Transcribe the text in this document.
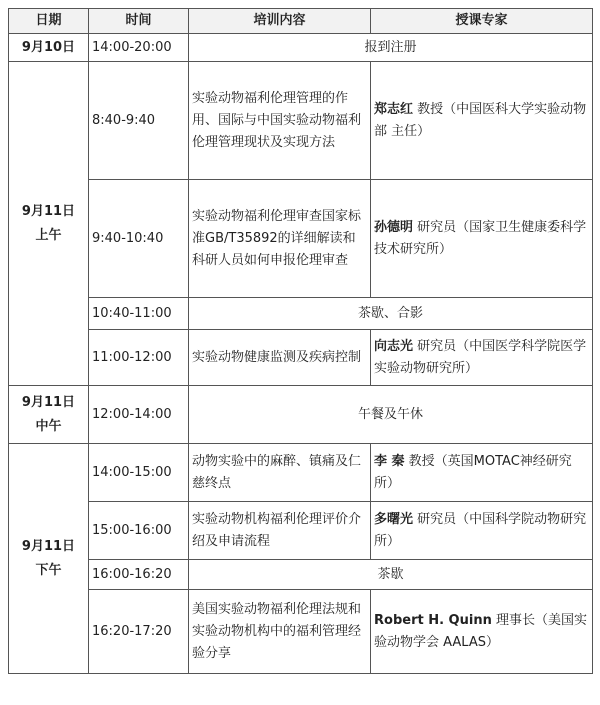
日期	时间	培训内容	授课专家
9月10日	14:00-20:00	报到注册	

9月11日
上午	8:40-9:40	实验动物福利伦理管理的作用、国际与中国实验动物福利伦理管理现状及实现方法	郑志红 教授（中国医科大学实验动物部 主任）
	9:40-10:40	实验动物福利伦理审查国家标准GB/T35892的详细解读和科研人员如何申报伦理审查	孙德明 研究员（国家卫生健康委科学技术研究所）
	10:40-11:00	茶歇、合影	
	11:00-12:00	实验动物健康监测及疾病控制	向志光 研究员（中国医学科学院医学实验动物研究所）

9月11日
中午	12:00-14:00	午餐及午休	

9月11日
下午	14:00-15:00	动物实验中的麻醉、镇痛及仁慈终点	李 秦 教授（英国MOTAC神经研究所）
	15:00-16:00	实验动物机构福利伦理评价介绍及申请流程	多曙光 研究员（中国科学院动物研究所）
	16:00-16:20	茶歇	
	16:20-17:20	美国实验动物福利伦理法规和实验动物机构中的福利管理经验分享	Robert H. Quinn 理事长（美国实验动物学会 AALAS）
